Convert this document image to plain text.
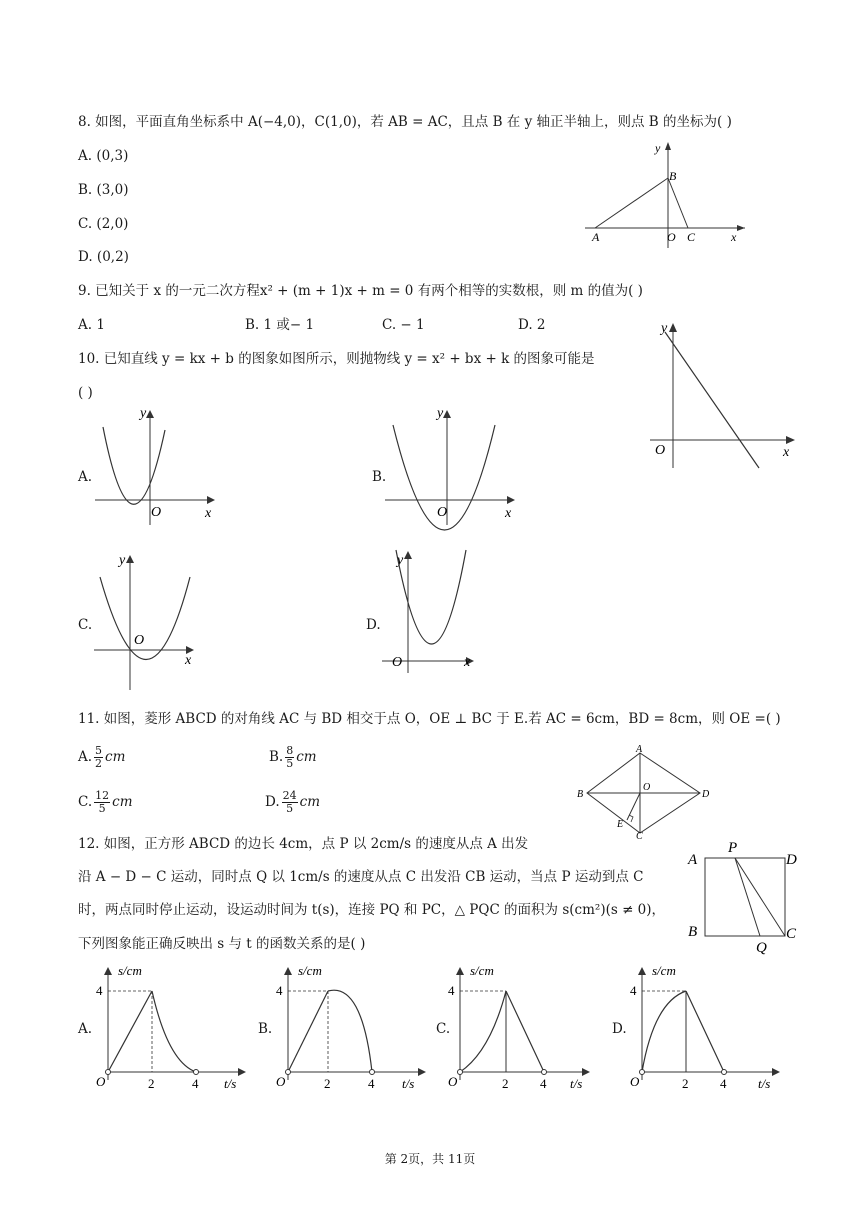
8. 如图，平面直角坐标系中 A(−4,0)，C(1,0)，若 AB = AC，且点 B 在 y 轴正半轴上，则点 B 的坐标为( )
A. (0,3)
B. (3,0)
C. (2,0)
D. (0,2)
y
B
A	O C	x
9. 已知关于 x 的一元二次方程x² + (m + 1)x + m = 0 有两个相等的实数根，则 m 的值为( )
A. 1	B. 1 或− 1	C. − 1	D. 2
10. 已知直线 y = kx + b 的图象如图所示，则抛物线 y = x² + bx + k 的图象可能是
( )
y
O	x
A.
y
O	x
B.
y
O	x
C.
y
O
x
D.
y
O	x
11. 如图，菱形 ABCD 的对角线 AC 与 BD 相交于点 O，OE ⊥ BC 于 E.若 AC = 6cm，BD = 8cm，则 OE =( )
A. $\frac{5}{2}$ cm	B. $\frac{8}{5}$ cm
C. $\frac{12}{5}$ cm	D. $\frac{24}{5}$ cm
A
B
O
D
E
C
12. 如图，正方形 ABCD 的边长 4cm，点 P 以 2cm/s 的速度从点 A 出发
沿 A − D − C 运动，同时点 Q 以 1cm/s 的速度从点 C 出发沿 CB 运动，当点 P 运动到点 C
时，两点同时停止运动，设运动时间为 t(s)，连接 PQ 和 PC，△ PQC 的面积为 s(cm²)(s ≠ 0)，
下列图象能正确反映出 s 与 t 的函数关系的是( )
A
P
D
B
Q
C
A.
s/cm
4
O	2	4 t/s
B.
s/cm
4
O	2	4 t/s
C.
s/cm
4
O	2 4 t/s
D.
s/cm
4
O	2 4 t/s
第 2页，共 11页
